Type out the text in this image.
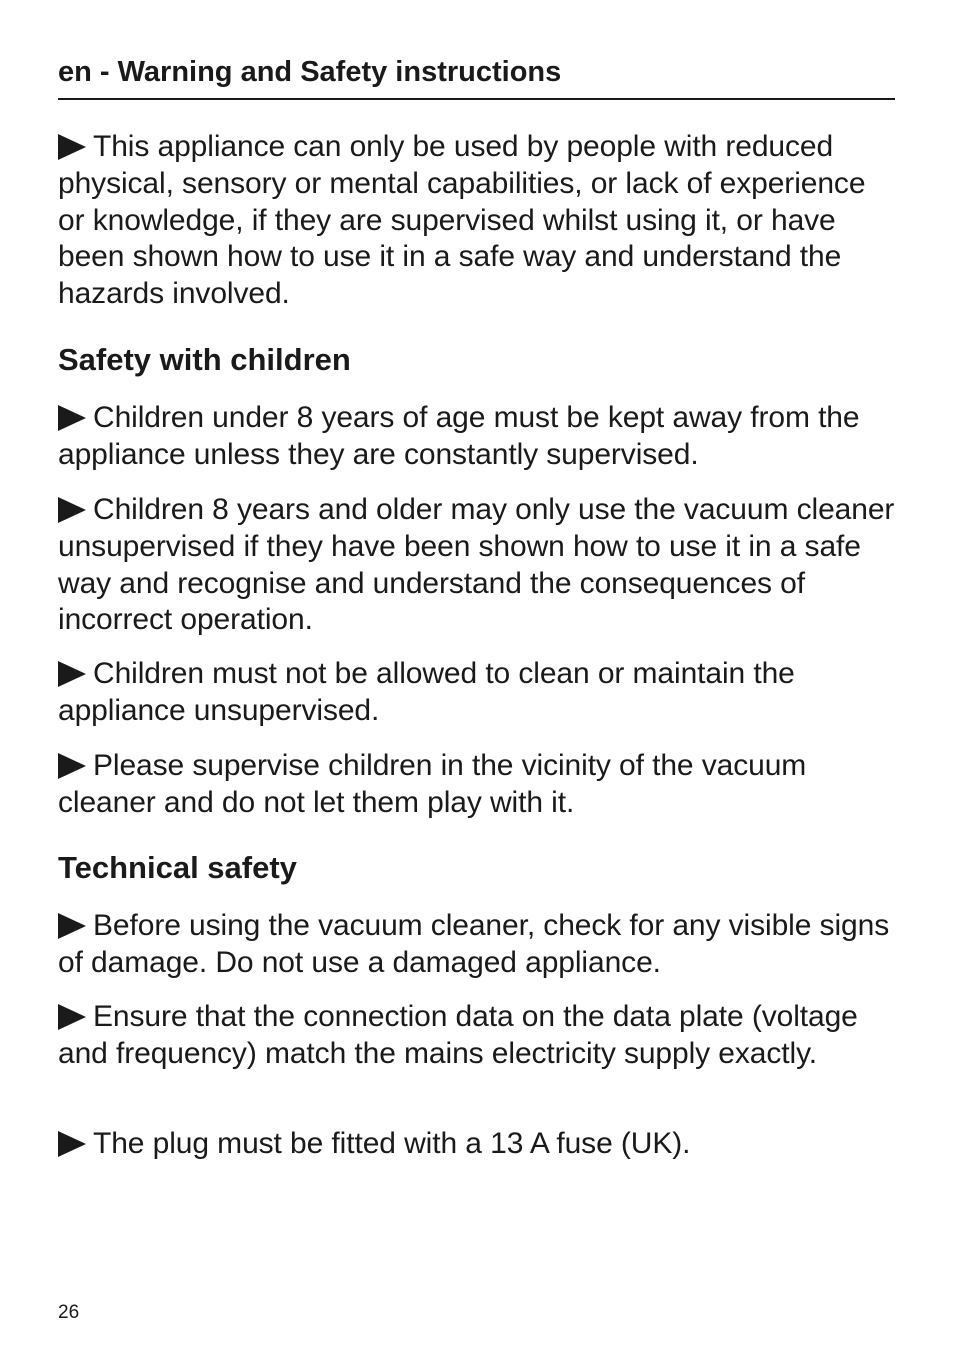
en - Warning and Safety instructions

This appliance can only be used by people with reduced physical, sensory or mental capabilities, or lack of experience or knowledge, if they are supervised whilst using it, or have been shown how to use it in a safe way and understand the hazards involved.

Safety with children

Children under 8 years of age must be kept away from the appliance unless they are constantly supervised.

Children 8 years and older may only use the vacuum cleaner unsupervised if they have been shown how to use it in a safe way and recognise and understand the consequences of incorrect operation.

Children must not be allowed to clean or maintain the appliance unsupervised.

Please supervise children in the vicinity of the vacuum cleaner and do not let them play with it.

Technical safety

Before using the vacuum cleaner, check for any visible signs of damage. Do not use a damaged appliance.

Ensure that the connection data on the data plate (voltage and frequency) match the mains electricity supply exactly.

The plug must be fitted with a 13 A fuse (UK).

26
